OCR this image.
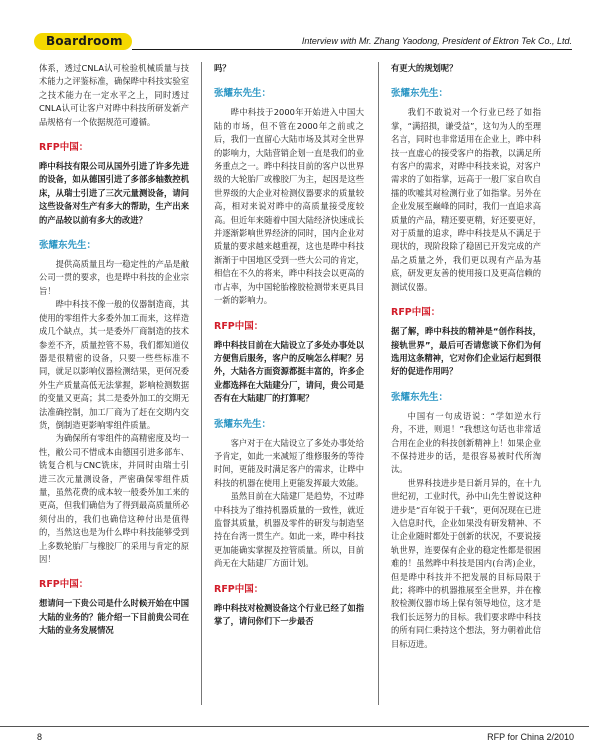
Boardroom	Interview with Mr. Zhang Yaodong, President of Ektron Tek Co., Ltd.

体系，透过CNLA认可检验机械质量与技术能力之评鉴标准，确保晔中科技实验室之技术能力在一定水平之上，同时透过CNLA认可让客户对晔中科技所研发新产品规格有一个依据规范可遵循。

RFP中国：

晔中科技有限公司从国外引进了许多先进的设备，如从德国引进了多部多轴数控机床，从瑞士引进了三次元量测设备，请问这些设备对生产有多大的帮助，生产出来的产品较以前有多大的改进？

张耀东先生：

提供高质量且均一稳定性的产品是敝公司一贯的要求，也是晔中科技的企业宗旨！

晔中科技不像一般的仪器制造商，其使用的零组件大多委外加工而来，这样造成几个缺点，其一是委外厂商制造的技术参差不齐，质量控管不易，我们都知道仪器是很精密的设备，只要一些些标准不同，就足以影响仪器检测结果，更何况委外生产质量高低无法掌握，影响检测数据的变量又更高；其二是委外加工的交期无法准确控制，加工厂商为了赶在交期内交货，倒制造更影响零组件质量。

为确保所有零组件的高精密度及均一性，敝公司不惜成本由德国引进多部车、铣复合机与CNC铣床，并同时由瑞士引进三次元量测设备，严密确保零组件质量，虽然花费的成本较一般委外加工来的更高，但我们确信为了得到最高质量所必须付出的，我们也确信这种付出是值得的，当然这也是为什么晔中科技能够受到上多数轮胎厂与橡胶厂的采用与肯定的原因！

RFP中国：

想请问一下贵公司是什么时候开始在中国大陆的业务的？能介绍一下目前贵公司在大陆的业务发展情况

吗？

张耀东先生：

晔中科技于2000年开始进入中国大陆的市场，但不管在2000年之前或之后，我们一直留心大陆市场及其对全世界的影响力，大陆营销企划一直是我们的业务重点之一。晔中科技目前的客户以世界级的大轮胎厂或橡胶厂为主，起因是这些世界级的大企业对检测仪器要求的质量较高，相对来说对晔中的高质量接受度较高。但近年来随着中国大陆经济快速成长并逐渐影响世界经济的同时，国内企业对质量的要求越来越重视，这也是晔中科技渐渐于中国地区受到一些大公司的肯定，相信在不久的将来，晔中科技会以更高的市占率，为中国轮胎橡胶检测带来更具目一新的影响力。

RFP中国：

晔中科技目前在大陆设立了多处办事处以方便售后服务，客户的反响怎么样呢？另外，大陆各方面资源都挺丰富的，许多企业都选择在大陆建分厂，请问，贵公司是否有在大陆建厂的打算呢？

张耀东先生：

客户对于在大陆设立了多处办事处给予肯定，如此一来减短了维修服务的等待时间，更能及时满足客户的需求，让晔中科技的机器在使用上更能发挥最大效能。

虽然目前在大陆建厂是趋势，不过晔中科技为了维持机器质量的一致性，就近监督其质量，机器及零件的研发与制造坚持在台湾一贯生产。如此一来，晔中科技更加能确实掌握及控管质量。所以，目前尚无在大陆建厂方面计划。

RFP中国：

晔中科技对检测设备这个行业已经了如指掌了，请问你们下一步最否

有更大的规划呢？

张耀东先生：

我们不敢说对一个行业已经了如指掌，“满招损，谦受益”，这句为人的至理名言，同时也非常适用在企业上，晔中科技一直虚心的接受客户的指教，以满足所有客户的需求，对晔中科技来说，对客户需求的了如指掌，远高于一般厂家自吹自擂的吹嘘其对检测行业了如指掌。另外在企业发展至巅峰的同时，我们一直追求高质量的产品，精还要更精，好还要更好，对于质量的追求，晔中科技是从不满足于现状的，现阶段除了稳固已开发完成的产品之质量之外，我们更以现有产品为基底，研发更友善的使用接口及更高信赖的测试仪器。

RFP中国：

据了解，晔中科技的精神是“创作科技，接轨世界”，最后可否请您谈下你们为何选用这条精神，它对你们企业运行起到很好的促进作用吗？

张耀东先生：

中国有一句成语说：“学如逆水行舟，不进，则退！”我想这句话也非常适合用在企业的科技创新精神上！如果企业不保持进步的话，是很容易被时代所淘汰。

世界科技进步是日新月异的，在十九世纪初，工业时代，孙中山先生曾说这种进步是“百年锐于千载”，更何况现在已进入信息时代，企业如果没有研发精神、不让企业随时都处于创新的状况，不要说接轨世界，连要保有企业的稳定性都是很困难的！虽然晔中科技是国内(台湾)企业，但是晔中科技并不把发展的目标局限于此；将晔中的机器推展至全世界，并在橡胶检测仪器市场上保有领导地位，这才是我们长远努力的目标。我们要求晔中科技的所有同仁秉持这个想法，努力朝着此信目标迈进。

8	RFP for China 2/2010
